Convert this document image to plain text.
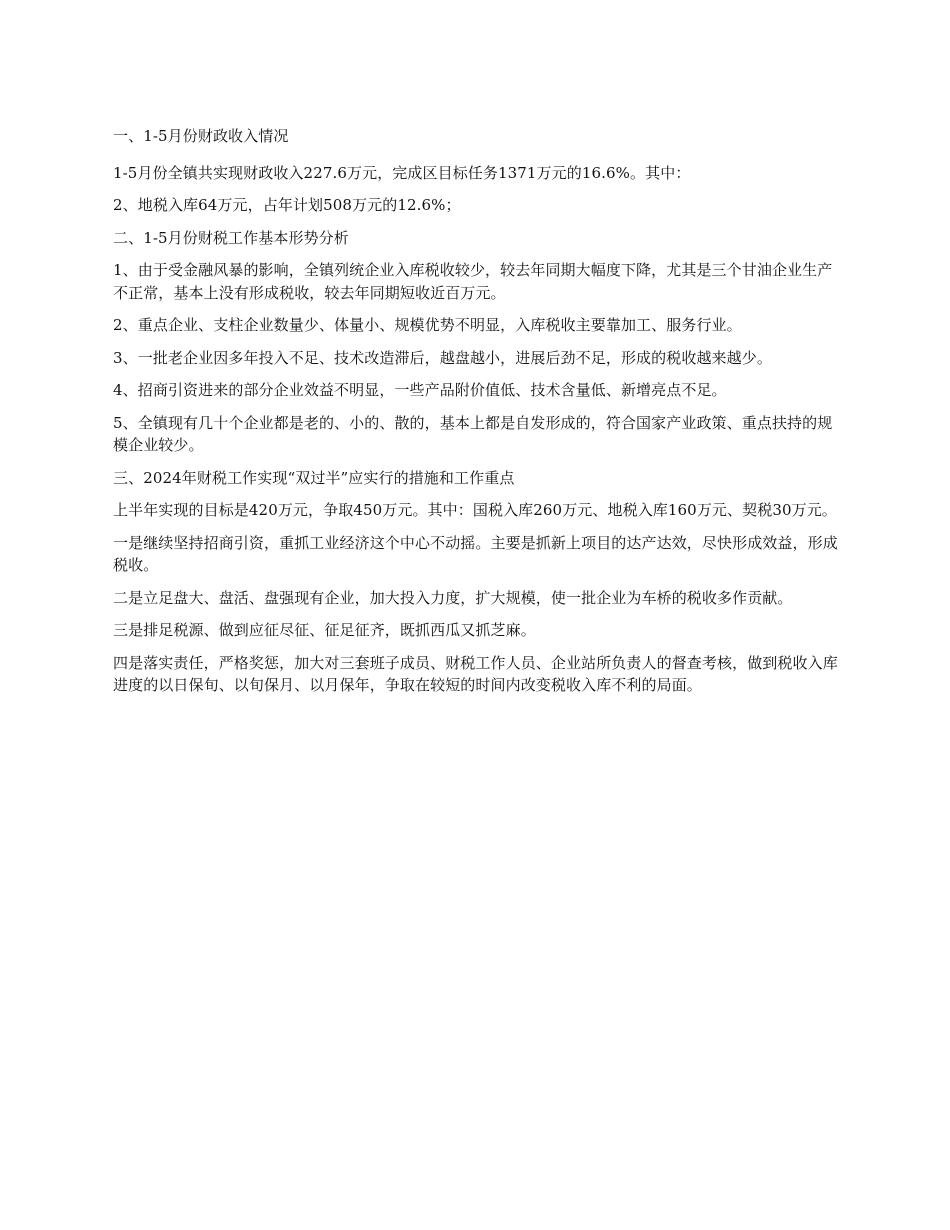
一、1-5月份财政收入情况

1-5月份全镇共实现财政收入227.6万元，完成区目标任务1371万元的16.6%。其中：

2、地税入库64万元，占年计划508万元的12.6%；

二、1-5月份财税工作基本形势分析

1、由于受金融风暴的影响，全镇列统企业入库税收较少，较去年同期大幅度下降，尤其是三个甘油企业生产不正常，基本上没有形成税收，较去年同期短收近百万元。

2、重点企业、支柱企业数量少、体量小、规模优势不明显，入库税收主要靠加工、服务行业。

3、一批老企业因多年投入不足、技术改造滞后，越盘越小，进展后劲不足，形成的税收越来越少。

4、招商引资进来的部分企业效益不明显，一些产品附价值低、技术含量低、新增亮点不足。

5、全镇现有几十个企业都是老的、小的、散的，基本上都是自发形成的，符合国家产业政策、重点扶持的规模企业较少。

三、2024年财税工作实现“双过半”应实行的措施和工作重点

上半年实现的目标是420万元，争取450万元。其中：国税入库260万元、地税入库160万元、契税30万元。

一是继续坚持招商引资，重抓工业经济这个中心不动摇。主要是抓新上项目的达产达效，尽快形成效益，形成税收。

二是立足盘大、盘活、盘强现有企业，加大投入力度，扩大规模，使一批企业为车桥的税收多作贡献。

三是排足税源、做到应征尽征、征足征齐，既抓西瓜又抓芝麻。

四是落实责任，严格奖惩，加大对三套班子成员、财税工作人员、企业站所负责人的督查考核，做到税收入库进度的以日保旬、以旬保月、以月保年，争取在较短的时间内改变税收入库不利的局面。
